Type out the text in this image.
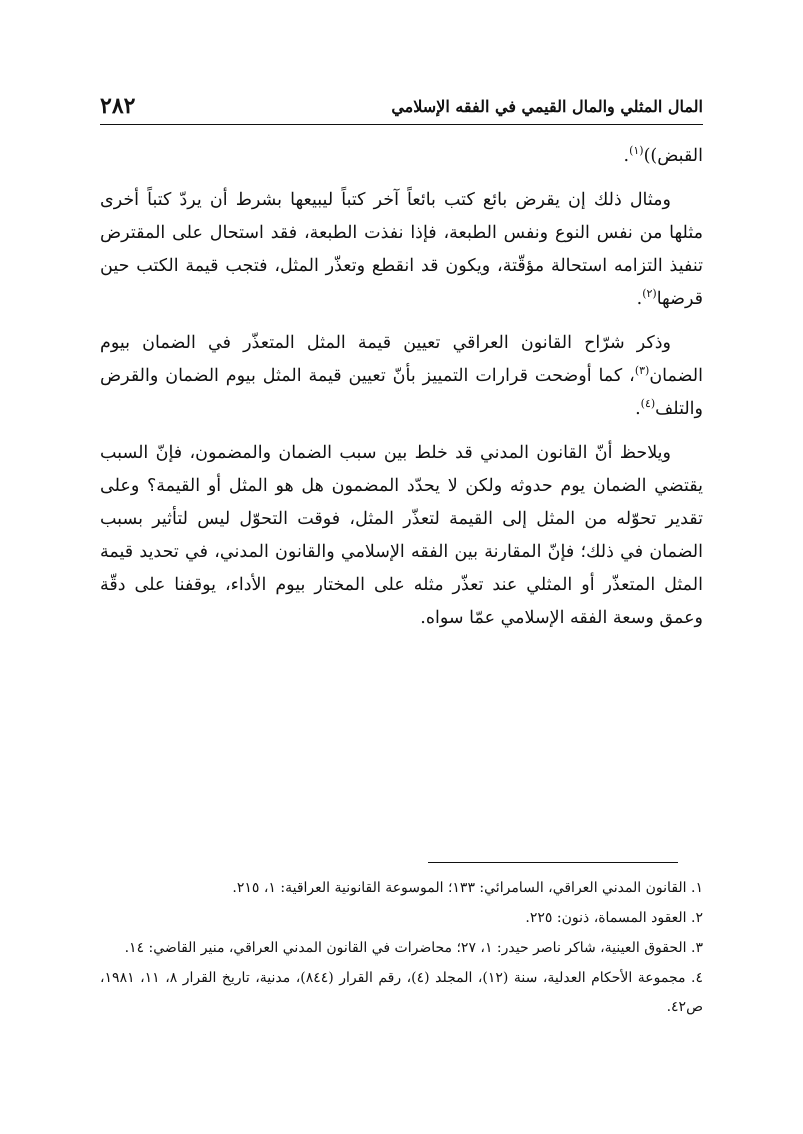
المال المثلي والمال القيمي في الفقه الإسلامي
٢٨٢

القبض))$^{(١)}$.

ومثال ذلك إن يقرض بائع كتب بائعاً آخر كتباً ليبيعها بشرط أن يردّ كتباً أخرى مثلها من نفس النوع ونفس الطبعة، فإذا نفذت الطبعة، فقد استحال على المقترض تنفيذ التزامه استحالة مؤقّتة، ويكون قد انقطع وتعذّر المثل، فتجب قيمة الكتب حين قرضها$^{(٢)}$.

وذكر شرّاح القانون العراقي تعيين قيمة المثل المتعذّر في الضمان بيوم الضمان$^{(٣)}$، كما أوضحت قرارات التمييز بأنّ تعيين قيمة المثل بيوم الضمان والقرض والتلف$^{(٤)}$.

ويلاحظ أنّ القانون المدني قد خلط بين سبب الضمان والمضمون، فإنّ السبب يقتضي الضمان يوم حدوثه ولكن لا يحدّد المضمون هل هو المثل أو القيمة؟ وعلى تقدير تحوّله من المثل إلى القيمة لتعذّر المثل، فوقت التحوّل ليس لتأثير بسبب الضمان في ذلك؛ فإنّ المقارنة بين الفقه الإسلامي والقانون المدني، في تحديد قيمة المثل المتعذّر أو المثلي عند تعذّر مثله على المختار بيوم الأداء، يوقفنا على دقّة وعمق وسعة الفقه الإسلامي عمّا سواه.

١. القانون المدني العراقي، السامرائي: ١٣٣؛ الموسوعة القانونية العراقية: ١، ٢١٥.

٢. العقود المسماة، ذنون: ٢٢٥.

٣. الحقوق العينية، شاكر ناصر حيدر: ١، ٢٧؛ محاضرات في القانون المدني العراقي، منير القاضي: ١٤.

٤. مجموعة الأحكام العدلية، سنة (١٢)، المجلد (٤)، رقم القرار (٨٤٤)، مدنية، تاريخ القرار ٨، ١١، ١٩٨١، ص٤٢.
